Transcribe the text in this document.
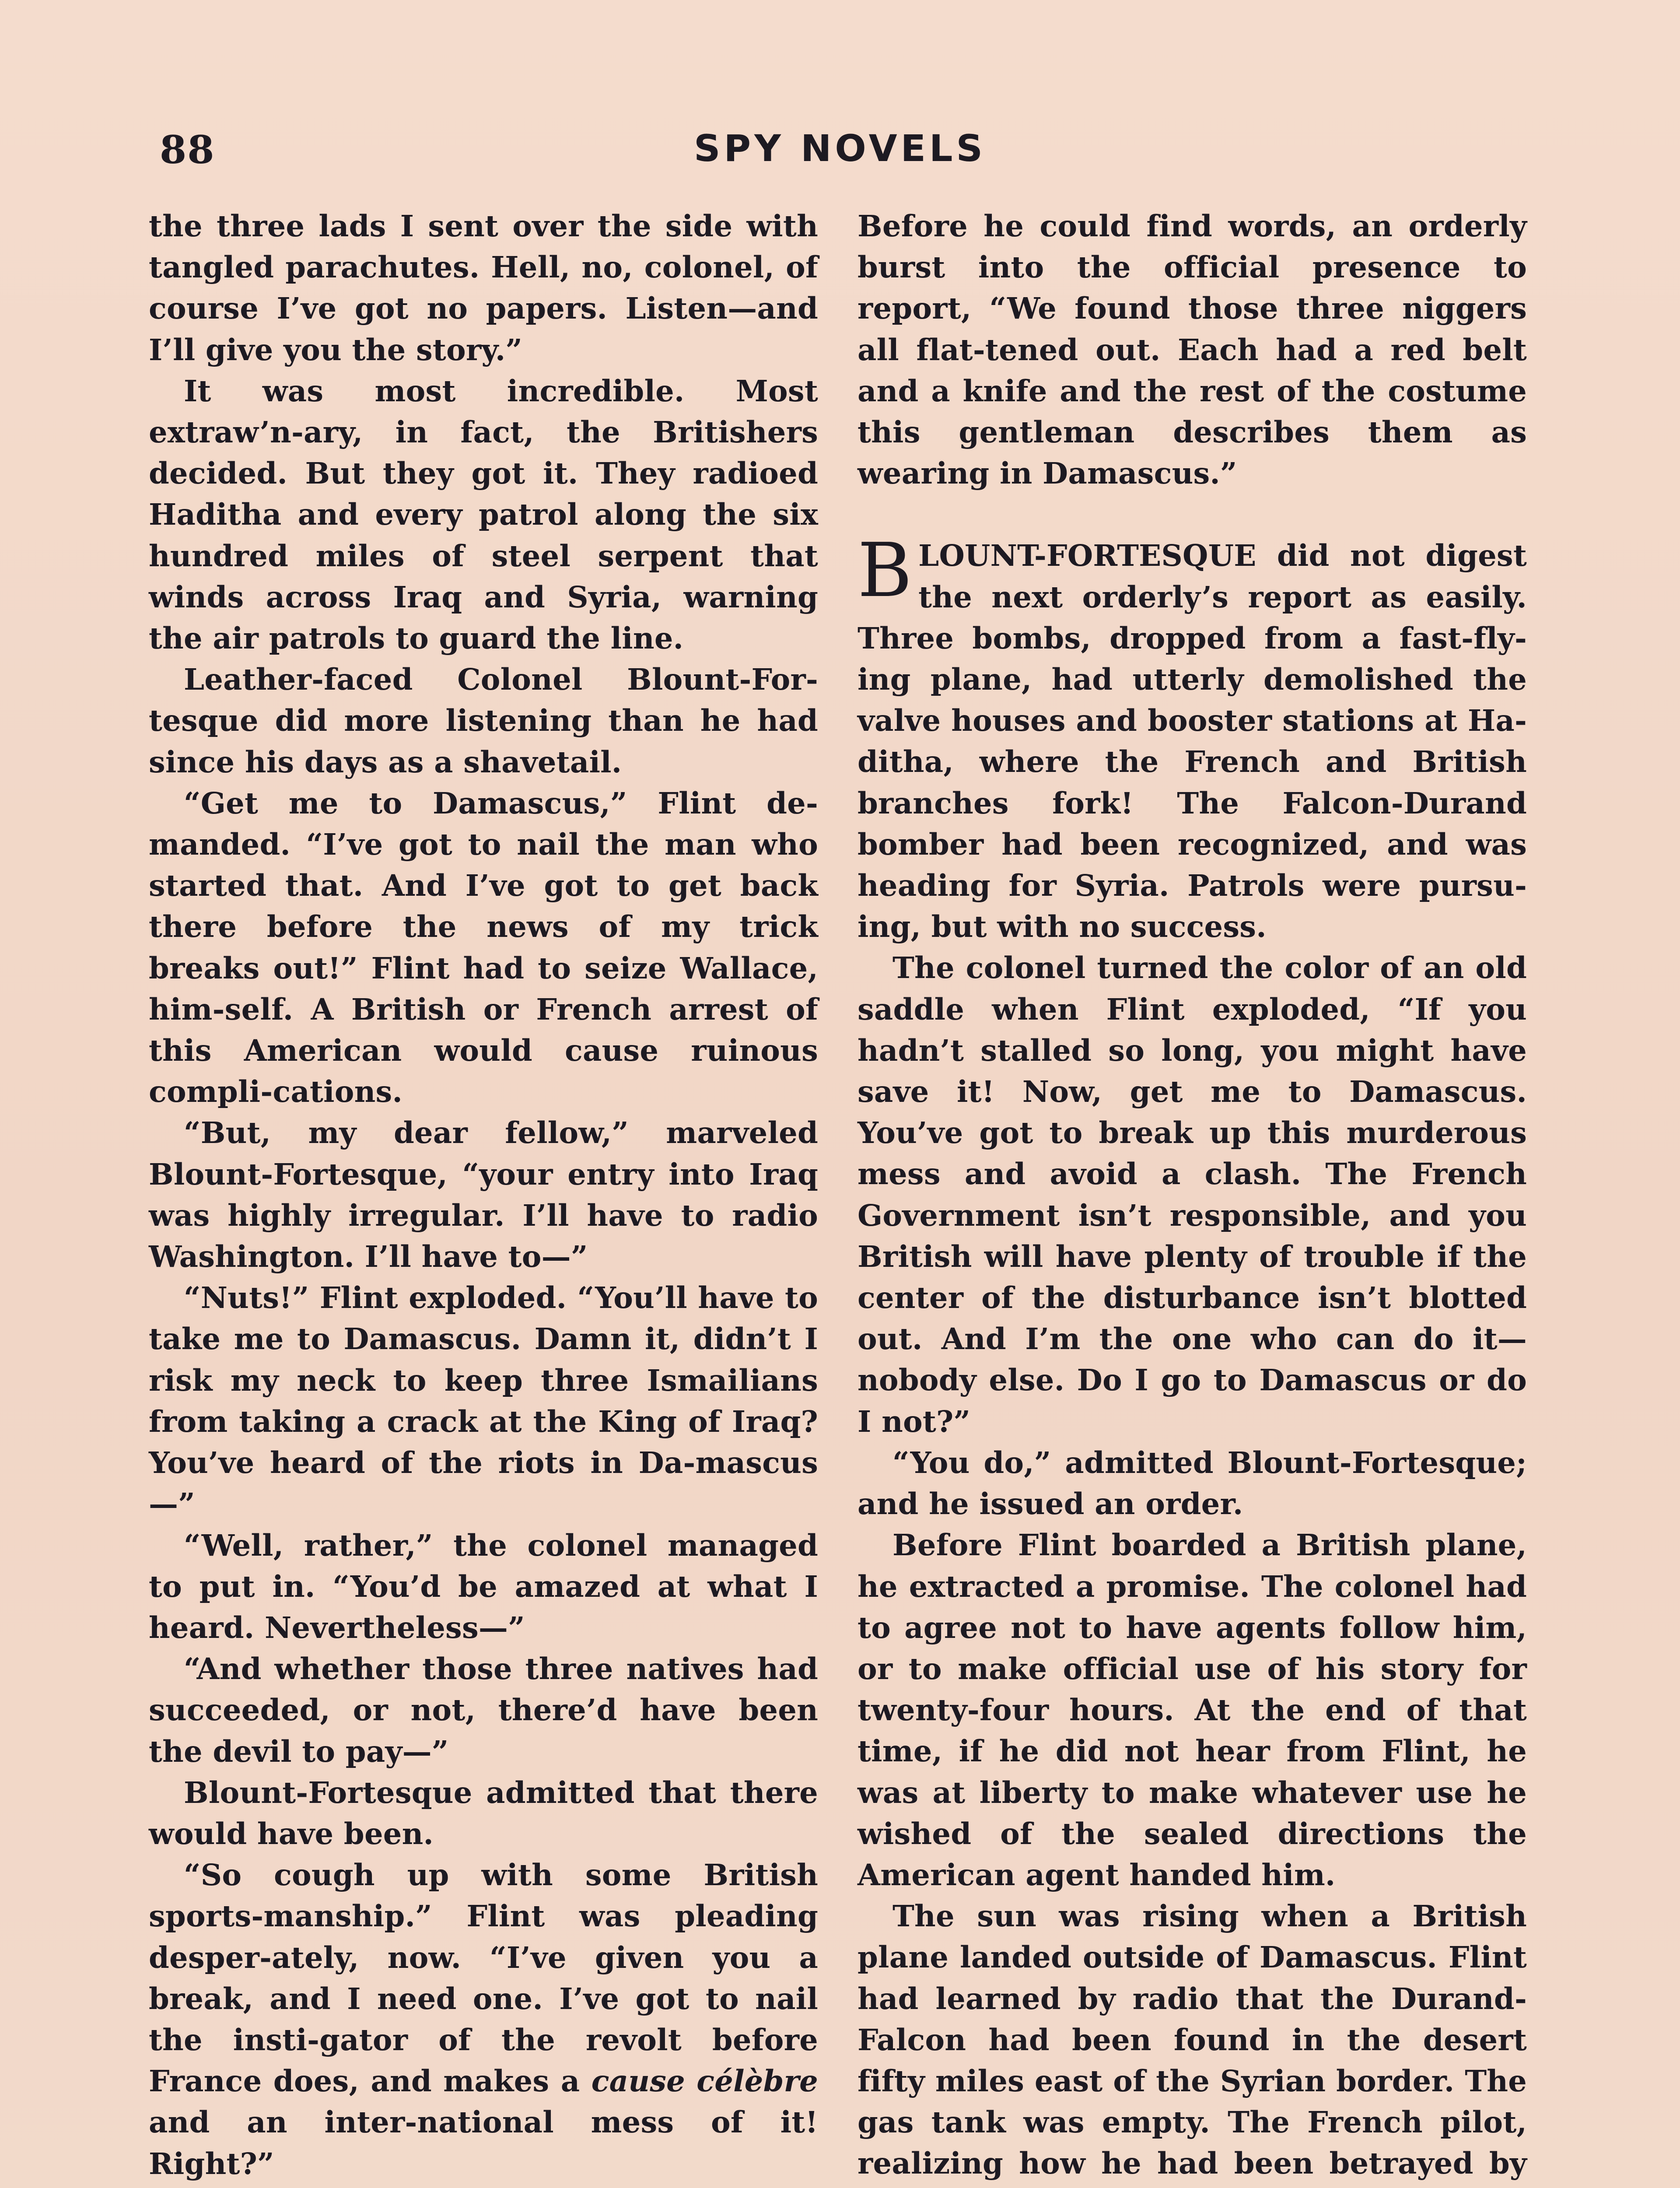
88	SPY NOVELS

the three lads I sent over the side with tangled parachutes. Hell, no, colonel, of course I’ve got no papers. Listen—and I’ll give you the story.”

It was most incredible. Most extraw’n-ary, in fact, the Britishers decided. But they got it. They radioed Haditha and every patrol along the six hundred miles of steel serpent that winds across Iraq and Syria, warning the air patrols to guard the line.

Leather-faced Colonel Blount-For-tesque did more listening than he had since his days as a shavetail.

“Get me to Damascus,” Flint de-manded. “I’ve got to nail the man who started that. And I’ve got to get back there before the news of my trick breaks out!” Flint had to seize Wallace, him-self. A British or French arrest of this American would cause ruinous compli-cations.

“But, my dear fellow,” marveled Blount-Fortesque, “your entry into Iraq was highly irregular. I’ll have to radio Washington. I’ll have to—”

“Nuts!” Flint exploded. “You’ll have to take me to Damascus. Damn it, didn’t I risk my neck to keep three Ismailians from taking a crack at the King of Iraq? You’ve heard of the riots in Da-mascus—”

“Well, rather,” the colonel managed to put in. “You’d be amazed at what I heard. Nevertheless—”

“And whether those three natives had succeeded, or not, there’d have been the devil to pay—”

Blount-Fortesque admitted that there would have been.

“So cough up with some British sports-manship.” Flint was pleading desper-ately, now. “I’ve given you a break, and I need one. I’ve got to nail the insti-gator of the revolt before France does, and makes a cause célèbre and an inter-national mess of it! Right?”

Before he could find words, an orderly burst into the official presence to report, “We found those three niggers all flat-tened out. Each had a red belt and a knife and the rest of the costume this gentleman describes them as wearing in Damascus.”

BLOUNT-FORTESQUE did not digest the next orderly’s report as easily. Three bombs, dropped from a fast-fly-ing plane, had utterly demolished the valve houses and booster stations at Ha-ditha, where the French and British branches fork! The Falcon-Durand bomber had been recognized, and was heading for Syria. Patrols were pursu-ing, but with no success.

The colonel turned the color of an old saddle when Flint exploded, “If you hadn’t stalled so long, you might have save it! Now, get me to Damascus. You’ve got to break up this murderous mess and avoid a clash. The French Government isn’t responsible, and you British will have plenty of trouble if the center of the disturbance isn’t blotted out. And I’m the one who can do it—nobody else. Do I go to Damascus or do I not?”

“You do,” admitted Blount-Fortesque; and he issued an order.

Before Flint boarded a British plane, he extracted a promise. The colonel had to agree not to have agents follow him, or to make official use of his story for twenty-four hours. At the end of that time, if he did not hear from Flint, he was at liberty to make whatever use he wished of the sealed directions the American agent handed him.

The sun was rising when a British plane landed outside of Damascus. Flint had learned by radio that the Durand-Falcon had been found in the desert fifty miles east of the Syrian border. The gas tank was empty. The French pilot, realizing how he had been betrayed by
